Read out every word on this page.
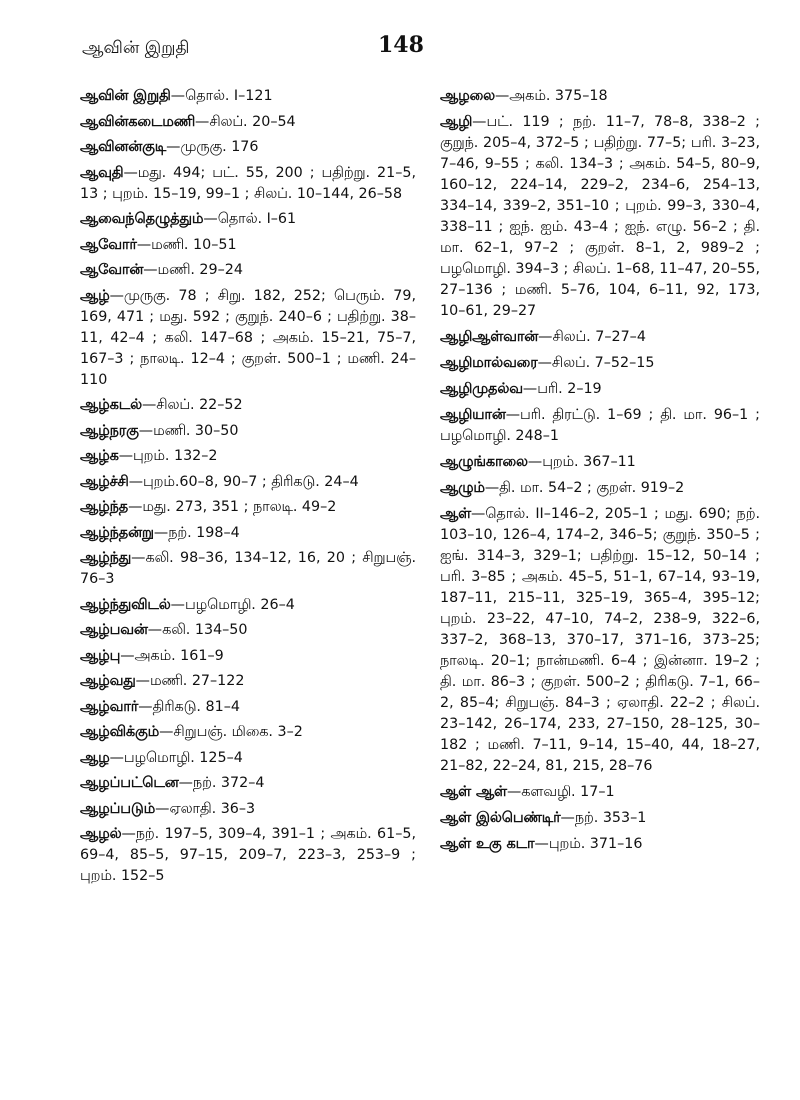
ஆவின் இறுதி	148
ஆவின் இறுதி—தொல். I–121
ஆவின்கடைமணி—சிலப். 20–54
ஆவினன்குடி—முருகு. 176
ஆவுதி—மது. 494; பட். 55, 200 ; பதிற்று. 21–5, 13 ; புறம். 15–19, 99–1 ; சிலப். 10–144, 26–58
ஆவைந்தெழுத்தும்—தொல். I–61
ஆவோர்—மணி. 10–51
ஆவோன்—மணி. 29–24
ஆழ்—முருகு. 78 ; சிறு. 182, 252; பெரும். 79, 169, 471 ; மது. 592 ; குறுந். 240–6 ; பதிற்று. 38–11, 42–4 ; கலி. 147–68 ; அகம். 15–21, 75–7, 167–3 ; நாலடி. 12–4 ; குறள். 500–1 ; மணி. 24–110
ஆழ்கடல்—சிலப். 22–52
ஆழ்நரகு—மணி. 30–50
ஆழ்க—புறம். 132–2
ஆழ்ச்சி—புறம்.60–8, 90–7 ; திரிகடு. 24–4
ஆழ்ந்த—மது. 273, 351 ; நாலடி. 49–2
ஆழ்ந்தன்று—நற். 198–4
ஆழ்ந்து—கலி. 98–36, 134–12, 16, 20 ; சிறுபஞ். 76–3
ஆழ்ந்துவிடல்—பழமொழி. 26–4
ஆழ்பவன்—கலி. 134–50
ஆழ்பு—அகம். 161–9
ஆழ்வது—மணி. 27–122
ஆழ்வார்—திரிகடு. 81–4
ஆழ்விக்கும்—சிறுபஞ். மிகை. 3–2
ஆழ—பழமொழி. 125–4
ஆழப்பட்டென—நற். 372–4
ஆழப்படும்—ஏலாதி. 36–3
ஆழல்—நற். 197–5, 309–4, 391–1 ; அகம். 61–5, 69–4, 85–5, 97–15, 209–7, 223–3, 253–9 ; புறம். 152–5
ஆழலை—அகம். 375–18
ஆழி—பட். 119 ; நற். 11–7, 78–8, 338–2 ; குறுந். 205–4, 372–5 ; பதிற்று. 77–5; பரி. 3–23, 7–46, 9–55 ; கலி. 134–3 ; அகம். 54–5, 80–9, 160–12, 224–14, 229–2, 234–6, 254–13, 334–14, 339–2, 351–10 ; புறம். 99–3, 330–4, 338–11 ; ஐந். ஐம். 43–4 ; ஐந். எழு. 56–2 ; தி. மா. 62–1, 97–2 ; குறள். 8–1, 2, 989–2 ; பழமொழி. 394–3 ; சிலப். 1–68, 11–47, 20–55, 27–136 ; மணி. 5–76, 104, 6–11, 92, 173, 10–61, 29–27
ஆழிஆள்வான்—சிலப். 7–27–4
ஆழிமால்வரை—சிலப். 7–52–15
ஆழிமுதல்வ—பரி. 2–19
ஆழியான்—பரி. திரட்டு. 1–69 ; தி. மா. 96–1 ; பழமொழி. 248–1
ஆழுங்காலை—புறம். 367–11
ஆழும்—தி. மா. 54–2 ; குறள். 919–2
ஆள்—தொல். II–146–2, 205–1 ; மது. 690; நற். 103–10, 126–4, 174–2, 346–5; குறுந். 350–5 ; ஐங். 314–3, 329–1; பதிற்று. 15–12, 50–14 ; பரி. 3–85 ; அகம். 45–5, 51–1, 67–14, 93–19, 187–11, 215–11, 325–19, 365–4, 395–12; புறம். 23–22, 47–10, 74–2, 238–9, 322–6, 337–2, 368–13, 370–17, 371–16, 373–25; நாலடி. 20–1; நான்மணி. 6–4 ; இன்னா. 19–2 ; தி. மா. 86–3 ; குறள். 500–2 ; திரிகடு. 7–1, 66–2, 85–4; சிறுபஞ். 84–3 ; ஏலாதி. 22–2 ; சிலப். 23–142, 26–174, 233, 27–150, 28–125, 30–182 ; மணி. 7–11, 9–14, 15–40, 44, 18–27, 21–82, 22–24, 81, 215, 28–76
ஆள் ஆள்—களவழி. 17–1
ஆள் இல்பெண்டிர்—நற். 353–1
ஆள் உகு கடா—புறம். 371–16
